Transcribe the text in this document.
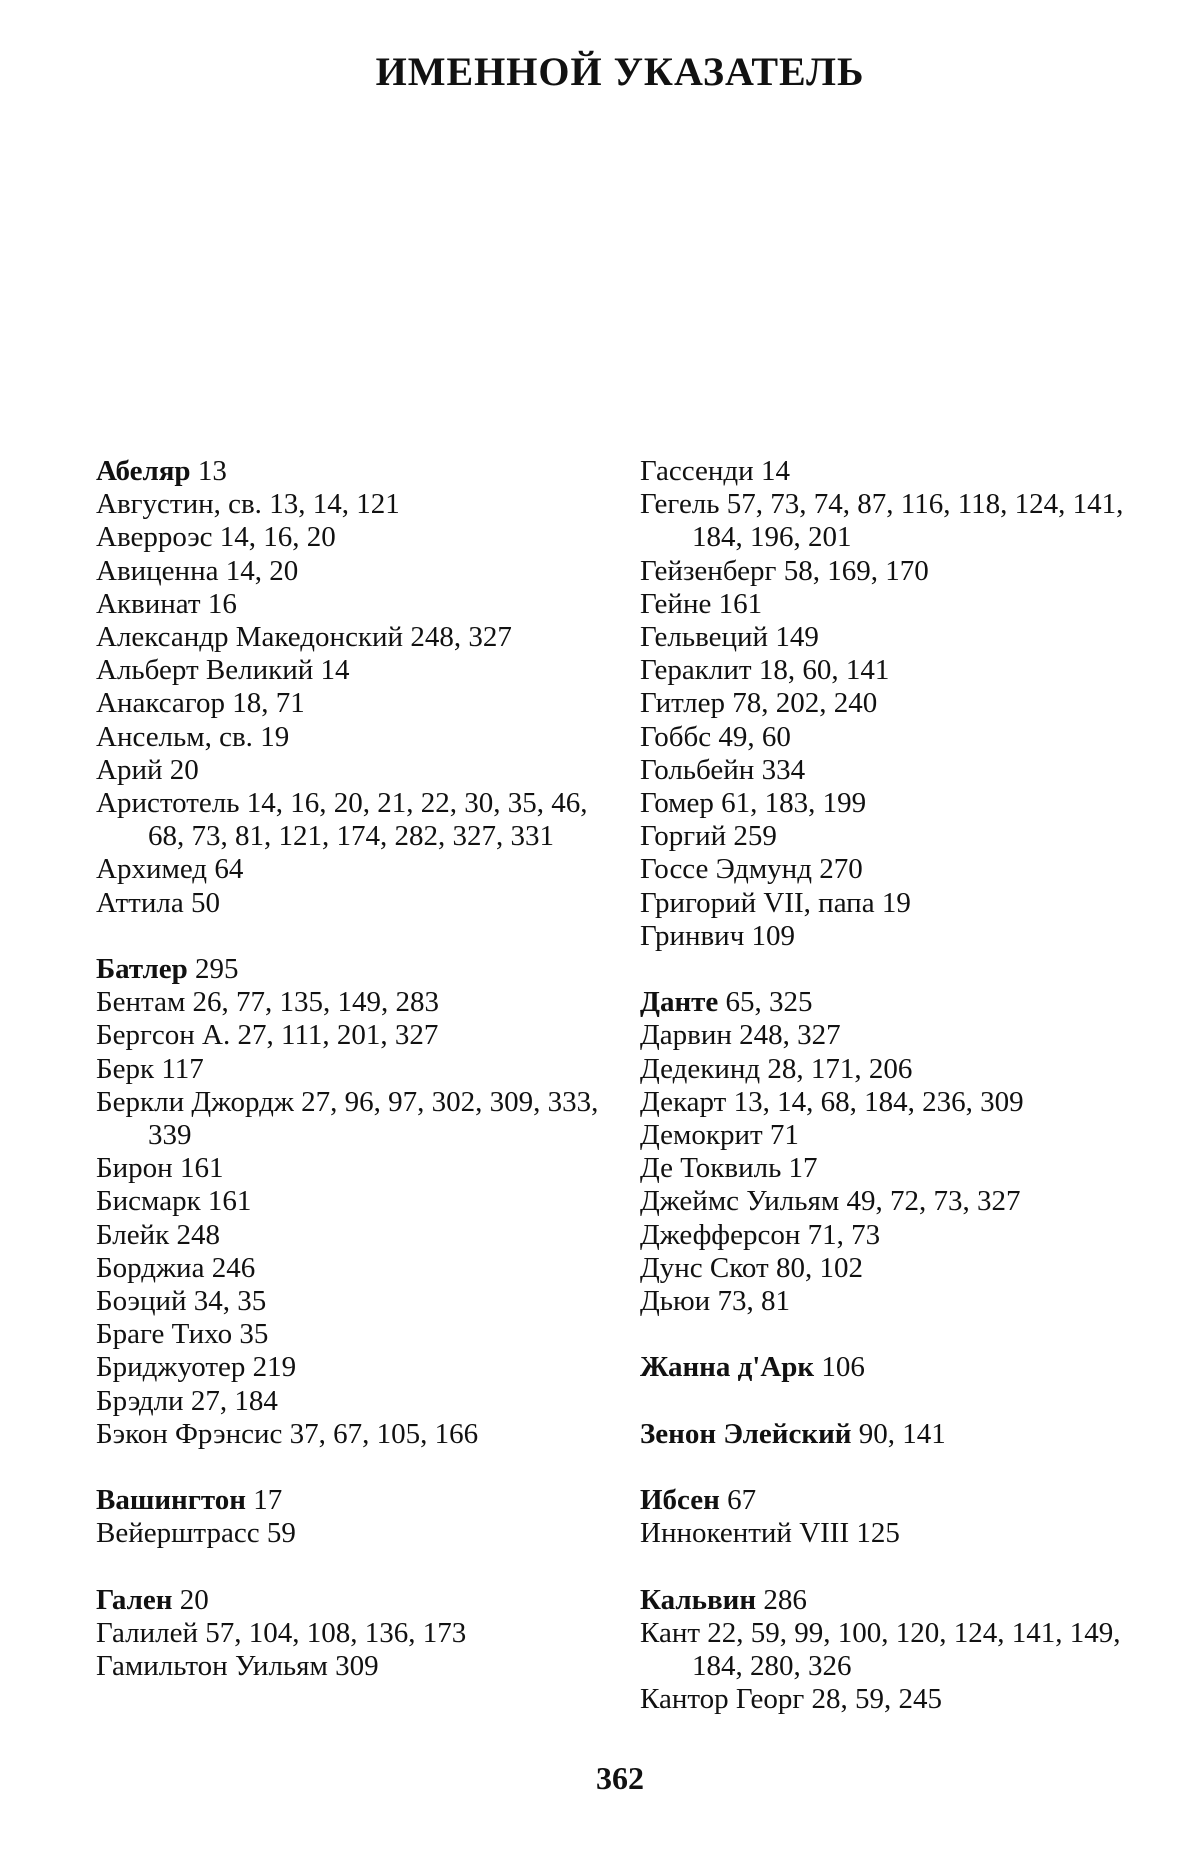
ИМЕННОЙ УКАЗАТЕЛЬ
Абеляр 13
Августин, св. 13, 14, 121
Аверроэс 14, 16, 20
Авиценна 14, 20
Аквинат 16
Александр Македонский 248, 327
Альберт Великий 14
Анаксагор 18, 71
Ансельм, св. 19
Арий 20
Аристотель 14, 16, 20, 21, 22, 30, 35, 46, 68, 73, 81, 121, 174, 282, 327, 331
Архимед 64
Аттила 50
Батлер 295
Бентам 26, 77, 135, 149, 283
Бергсон А. 27, 111, 201, 327
Берк 117
Беркли Джордж 27, 96, 97, 302, 309, 333, 339
Бирон 161
Бисмарк 161
Блейк 248
Борджиа 246
Боэций 34, 35
Браге Тихо 35
Бриджуотер 219
Брэдли 27, 184
Бэкон Фрэнсис 37, 67, 105, 166
Вашингтон 17
Вейерштрасс 59
Гален 20
Галилей 57, 104, 108, 136, 173
Гамильтон Уильям 309
Гассенди 14
Гегель 57, 73, 74, 87, 116, 118, 124, 141, 184, 196, 201
Гейзенберг 58, 169, 170
Гейне 161
Гельвеций 149
Гераклит 18, 60, 141
Гитлер 78, 202, 240
Гоббс 49, 60
Гольбейн 334
Гомер 61, 183, 199
Горгий 259
Госсе Эдмунд 270
Григорий VII, папа 19
Гринвич 109
Данте 65, 325
Дарвин 248, 327
Дедекинд 28, 171, 206
Декарт 13, 14, 68, 184, 236, 309
Демокрит 71
Де Токвиль 17
Джеймс Уильям 49, 72, 73, 327
Джефферсон 71, 73
Дунс Скот 80, 102
Дьюи 73, 81
Жанна д'Арк 106
Зенон Элейский 90, 141
Ибсен 67
Иннокентий VIII 125
Кальвин 286
Кант 22, 59, 99, 100, 120, 124, 141, 149, 184, 280, 326
Кантор Георг 28, 59, 245
362
